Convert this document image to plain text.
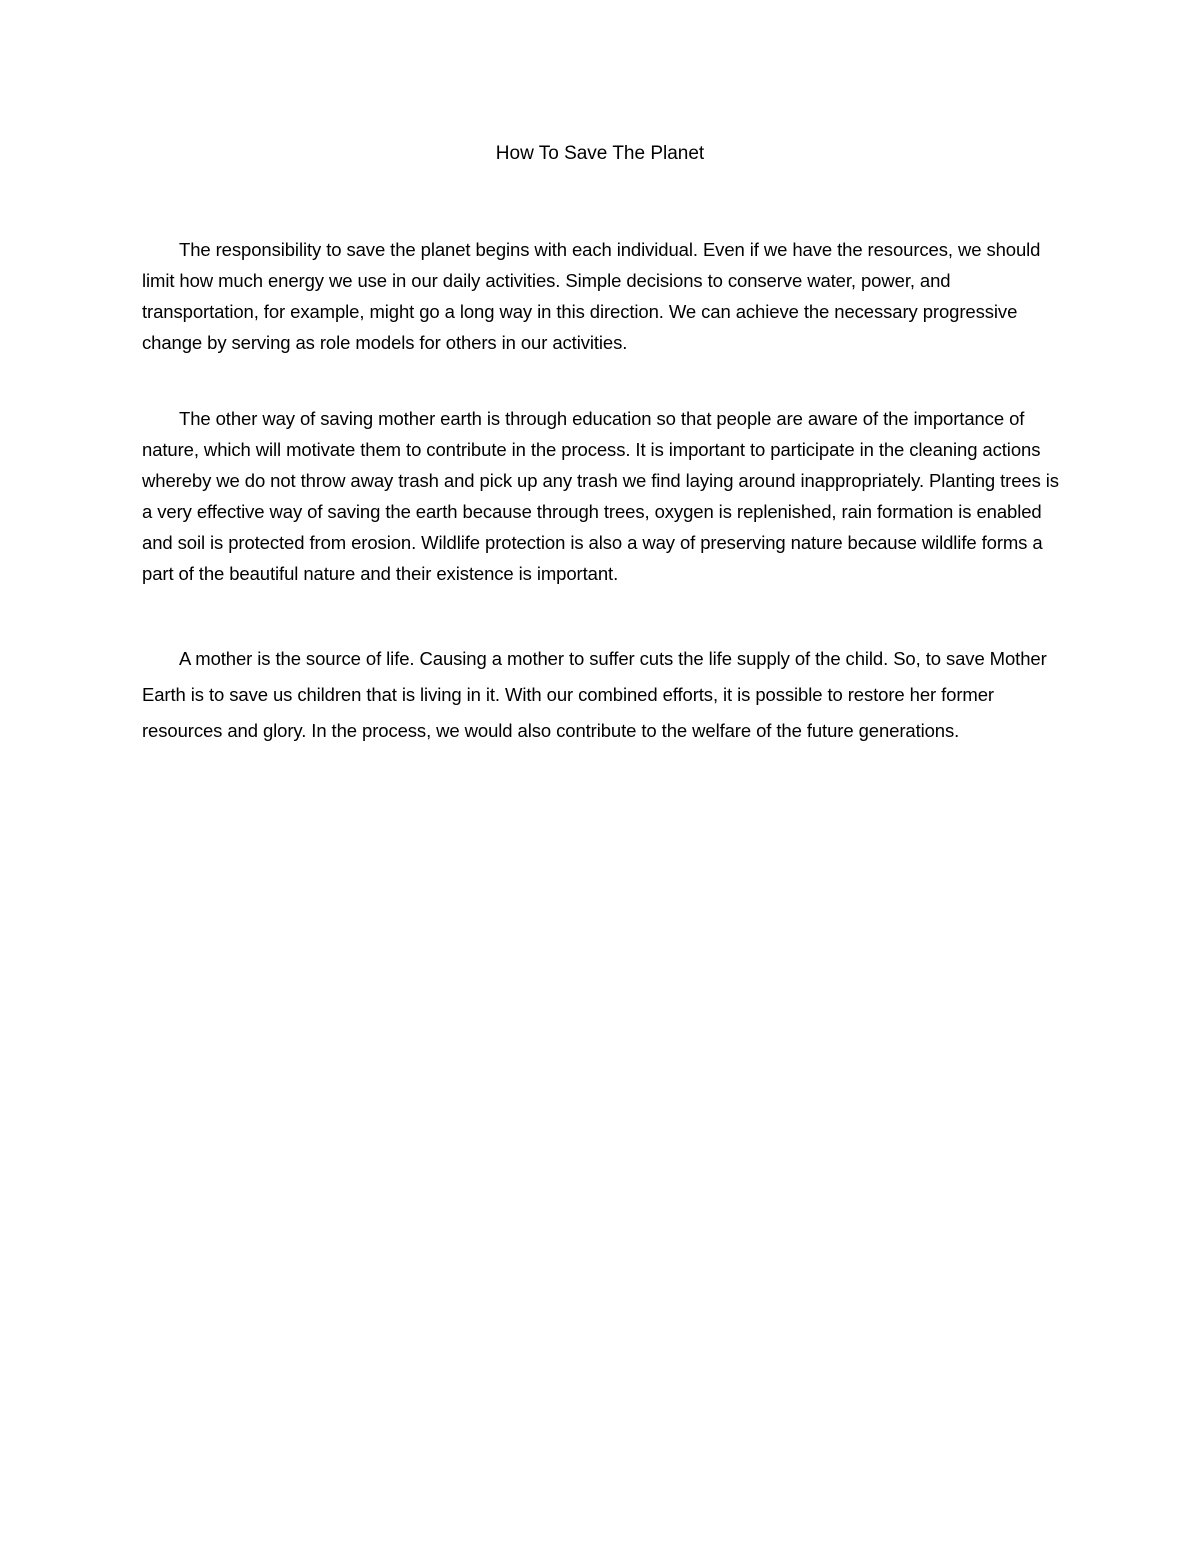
How To Save The Planet

The responsibility to save the planet begins with each individual. Even if we have the resources, we should limit how much energy we use in our daily activities. Simple decisions to conserve water, power, and transportation, for example, might go a long way in this direction. We can achieve the necessary progressive change by serving as role models for others in our activities.

The other way of saving mother earth is through education so that people are aware of the importance of nature, which will motivate them to contribute in the process. It is important to participate in the cleaning actions whereby we do not throw away trash and pick up any trash we find laying around inappropriately. Planting trees is a very effective way of saving the earth because through trees, oxygen is replenished, rain formation is enabled and soil is protected from erosion. Wildlife protection is also a way of preserving nature because wildlife forms a part of the beautiful nature and their existence is important.

A mother is the source of life. Causing a mother to suffer cuts the life supply of the child. So, to save Mother Earth is to save us children that is living in it. With our combined efforts, it is possible to restore her former resources and glory. In the process, we would also contribute to the welfare of the future generations.
